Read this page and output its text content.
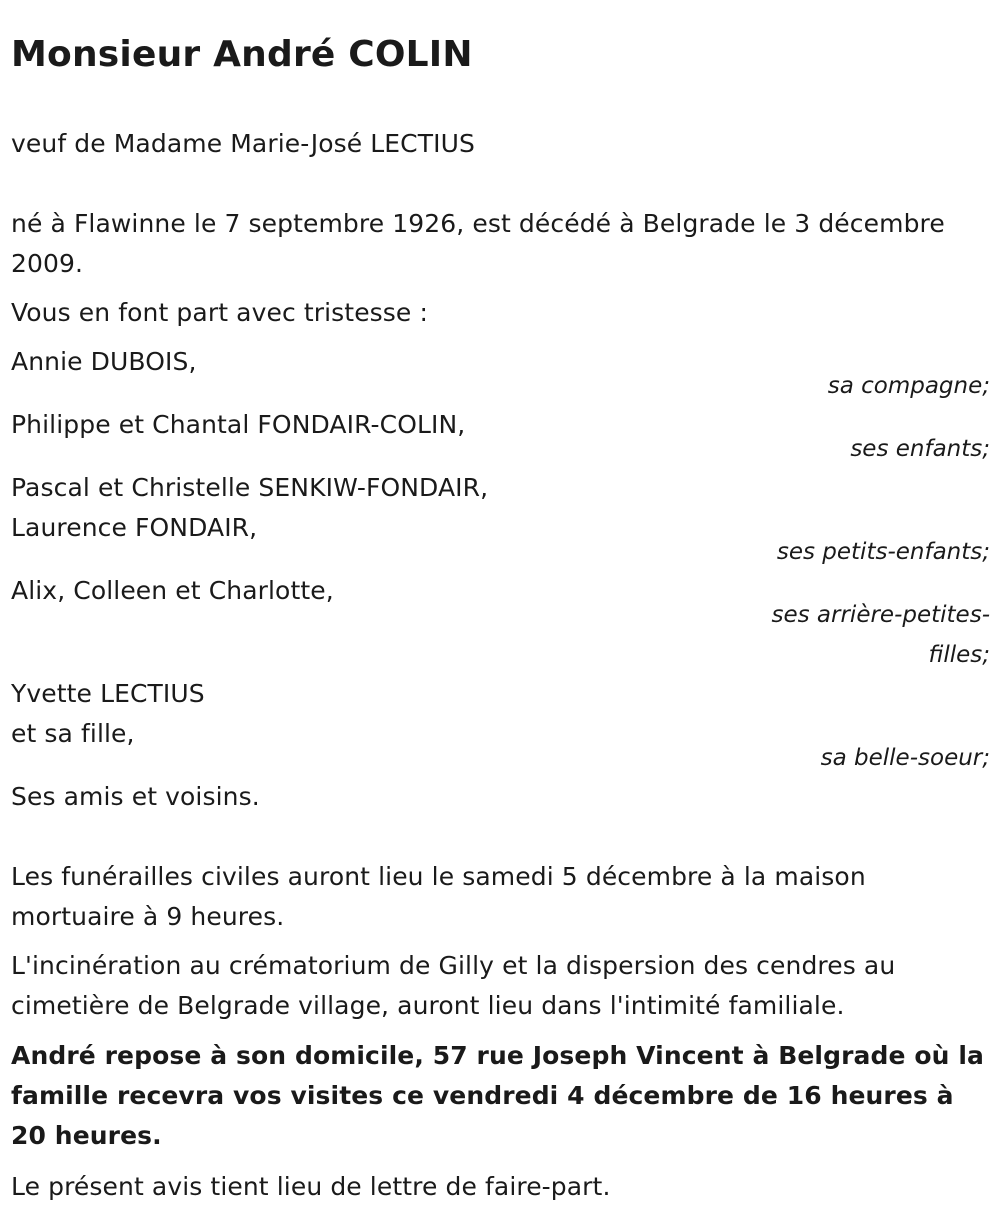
Monsieur André COLIN

veuf de Madame Marie-José LECTIUS

né à Flawinne le 7 septembre 1926, est décédé à Belgrade le 3 décembre 2009.

Vous en font part avec tristesse :

Annie DUBOIS,

sa compagne;

Philippe et Chantal FONDAIR-COLIN,

ses enfants;

Pascal et Christelle SENKIW-FONDAIR,

Laurence FONDAIR,

ses petits-enfants;

Alix, Colleen et Charlotte,

ses arrière-petites-filles;

Yvette LECTIUS

et sa fille,

sa belle-soeur;

Ses amis et voisins.

Les funérailles civiles auront lieu le samedi 5 décembre à la maison mortuaire à 9 heures.

L'incinération au crématorium de Gilly et la dispersion des cendres au cimetière de Belgrade village, auront lieu dans l'intimité familiale.

André repose à son domicile, 57 rue Joseph Vincent à Belgrade où la famille recevra vos visites ce vendredi 4 décembre de 16 heures à 20 heures.

Le présent avis tient lieu de lettre de faire-part.
